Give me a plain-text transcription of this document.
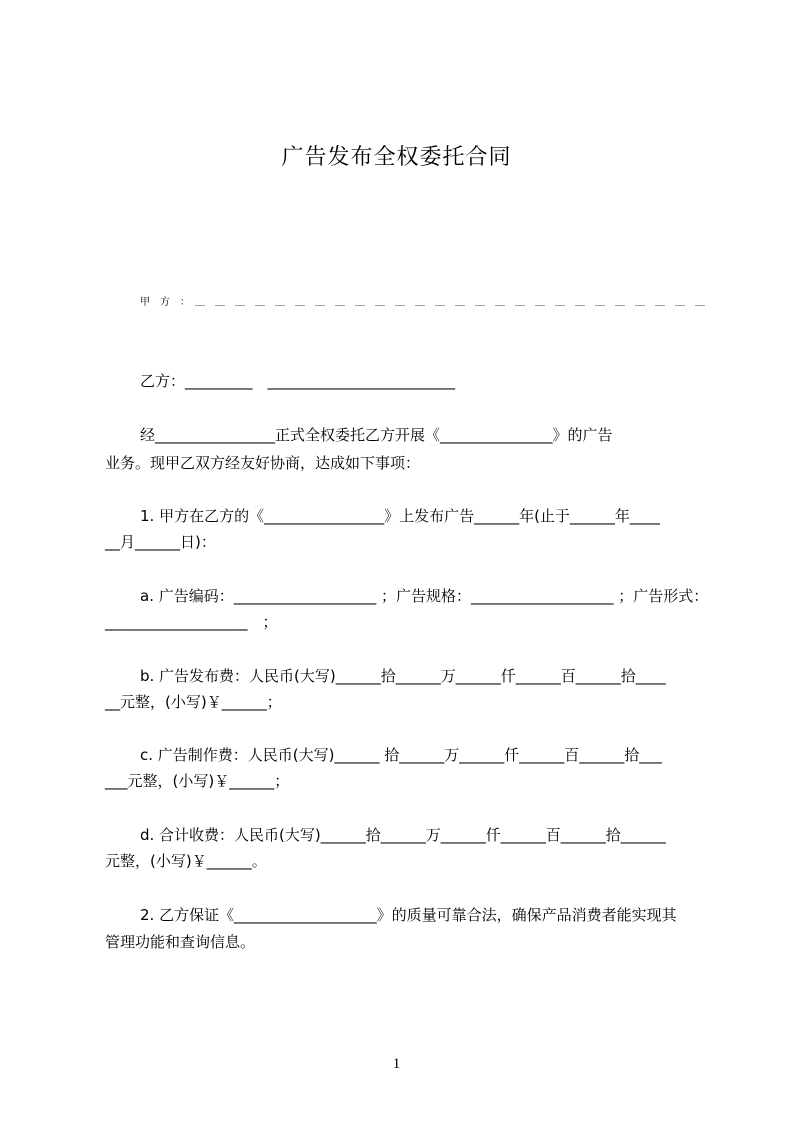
广告发布全权委托合同
甲　方　：　＿　＿　＿　＿　＿　＿　＿　＿　＿　＿　＿　＿　＿　＿　＿　＿　＿　＿　＿　＿　＿　＿　＿　＿　＿　＿
乙方：_________　_________________________
经________________正式全权委托乙方开展《_______________》的广告
业务。现甲乙双方经友好协商，达成如下事项：
1. 甲方在乙方的《________________》上发布广告______年(止于______年____
__月______日)：
a. 广告编码：___________________ ；广告规格：___________________ ；广告形式：
___________________　；
b. 广告发布费：人民币(大写)______拾______万______仟______百______拾____
__元整，(小写)￥______；
c. 广告制作费：人民币(大写)______ 拾______万______仟______百______拾___
___元整，(小写)￥______；
d. 合计收费：人民币(大写)______拾______万______仟______百______拾______
元整，(小写)￥______。
2. 乙方保证《___________________》的质量可靠合法，确保产品消费者能实现其
管理功能和查询信息。
1
